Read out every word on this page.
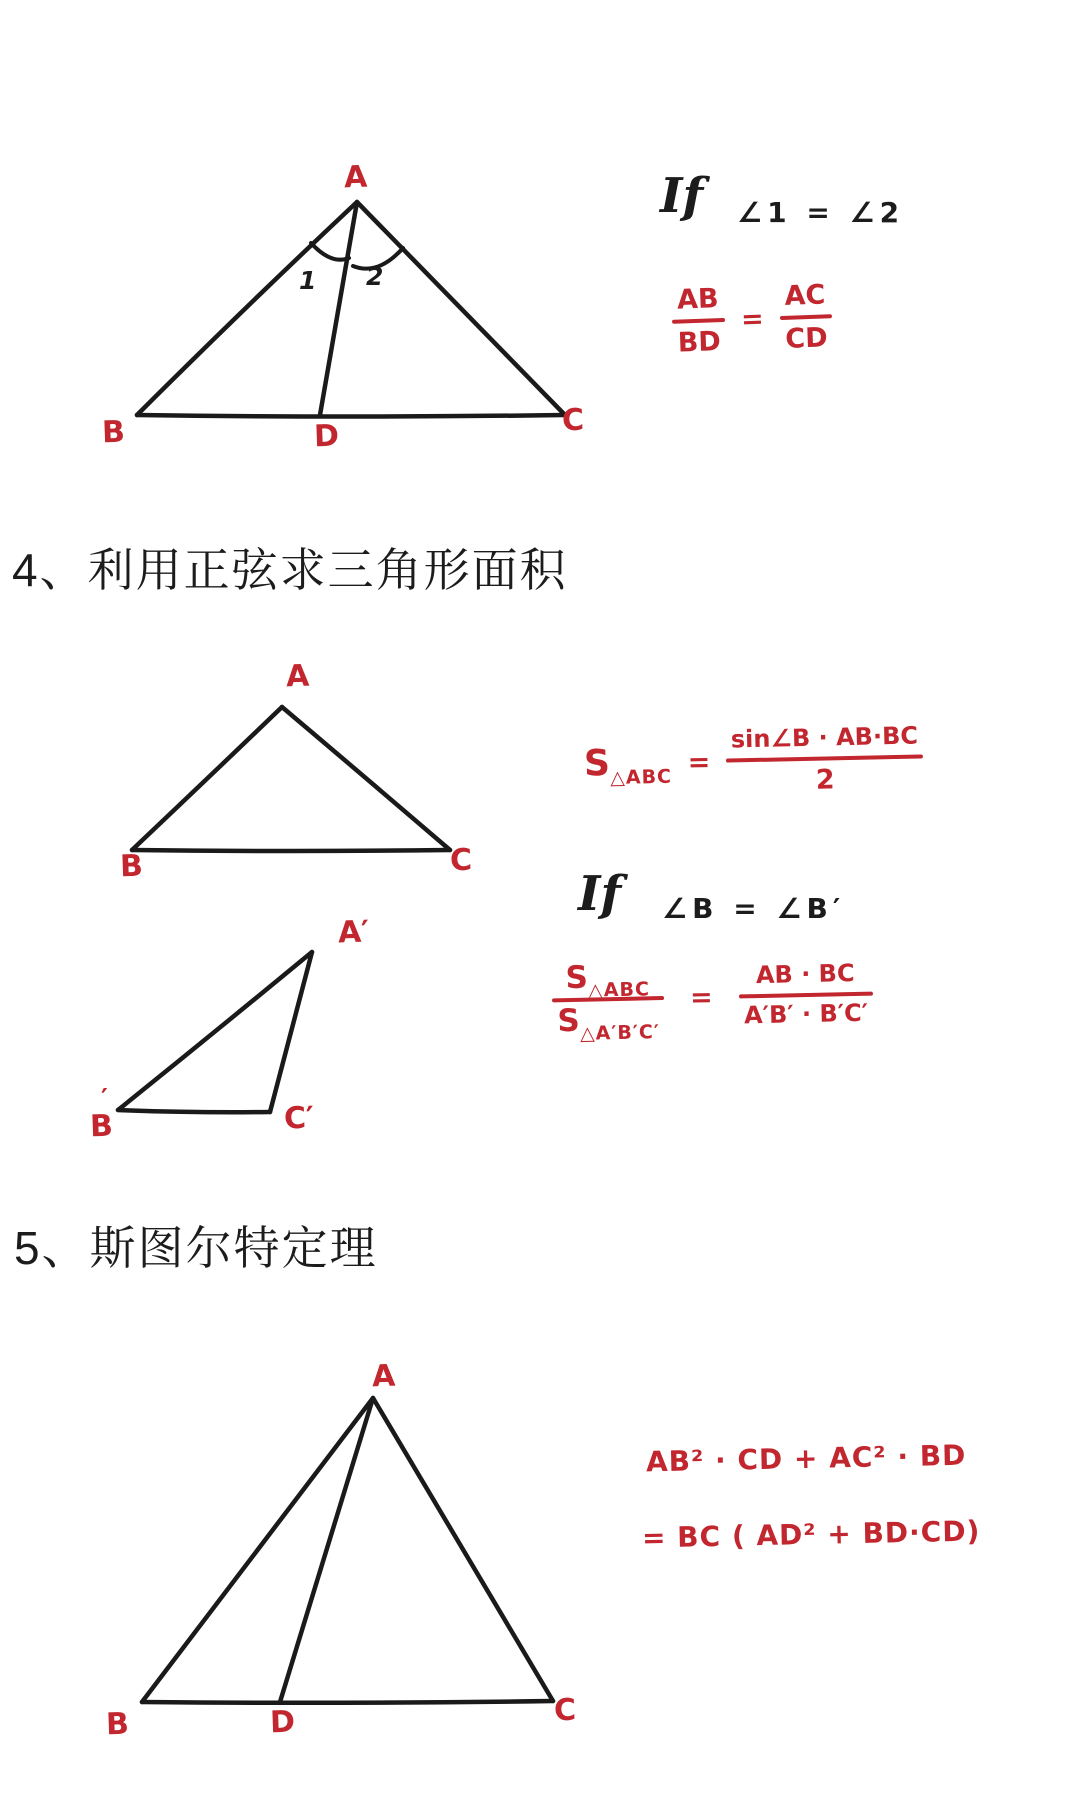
1 2
A
B	D	C
If ∠1 = ∠2
AB
BD
=
AC
CD
4、利用正弦求三角形面积
A
B	C
S△ABC =
sin∠B · AB·BC
2
If ∠B = ∠B′
S△ABC
S△A′B′C′
=
AB · BC
A′B′ · B′C′
A′
′
B	C′
5、斯图尔特定理
A
B	D	C
AB² · CD + AC² · BD
= BC ( AD² + BD·CD)
